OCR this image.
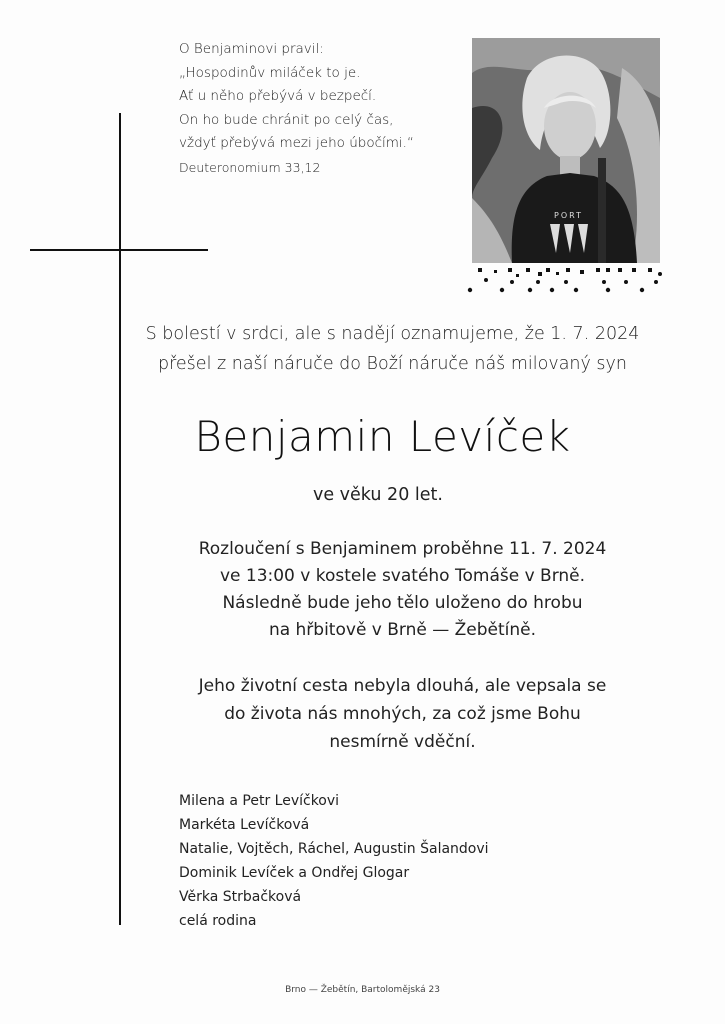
O Benjaminovi pravil:
„Hospodinův miláček to je.
Ať u něho přebývá v bezpečí.
On ho bude chránit po celý čas,
vždyť přebývá mezi jeho úbočími.“
Deuteronomium 33,12
PORT
S bolestí v srdci, ale s nadějí oznamujeme, že 1. 7. 2024
přešel z naší náruče do Boží náruče náš milovaný syn
Benjamin Levíček
ve věku 20 let.
Rozloučení s Benjaminem proběhne 11. 7. 2024
ve 13:00 v kostele svatého Tomáše v Brně.
Následně bude jeho tělo uloženo do hrobu
na hřbitově v Brně — Žebětíně.
Jeho životní cesta nebyla dlouhá, ale vepsala se
do života nás mnohých, za což jsme Bohu
nesmírně vděční.
Milena a Petr Levíčkovi
Markéta Levíčková
Natalie, Vojtěch, Ráchel, Augustin Šalandovi
Dominik Levíček a Ondřej Glogar
Věrka Strbačková
celá rodina
Brno — Žebětín, Bartolomějská 23
